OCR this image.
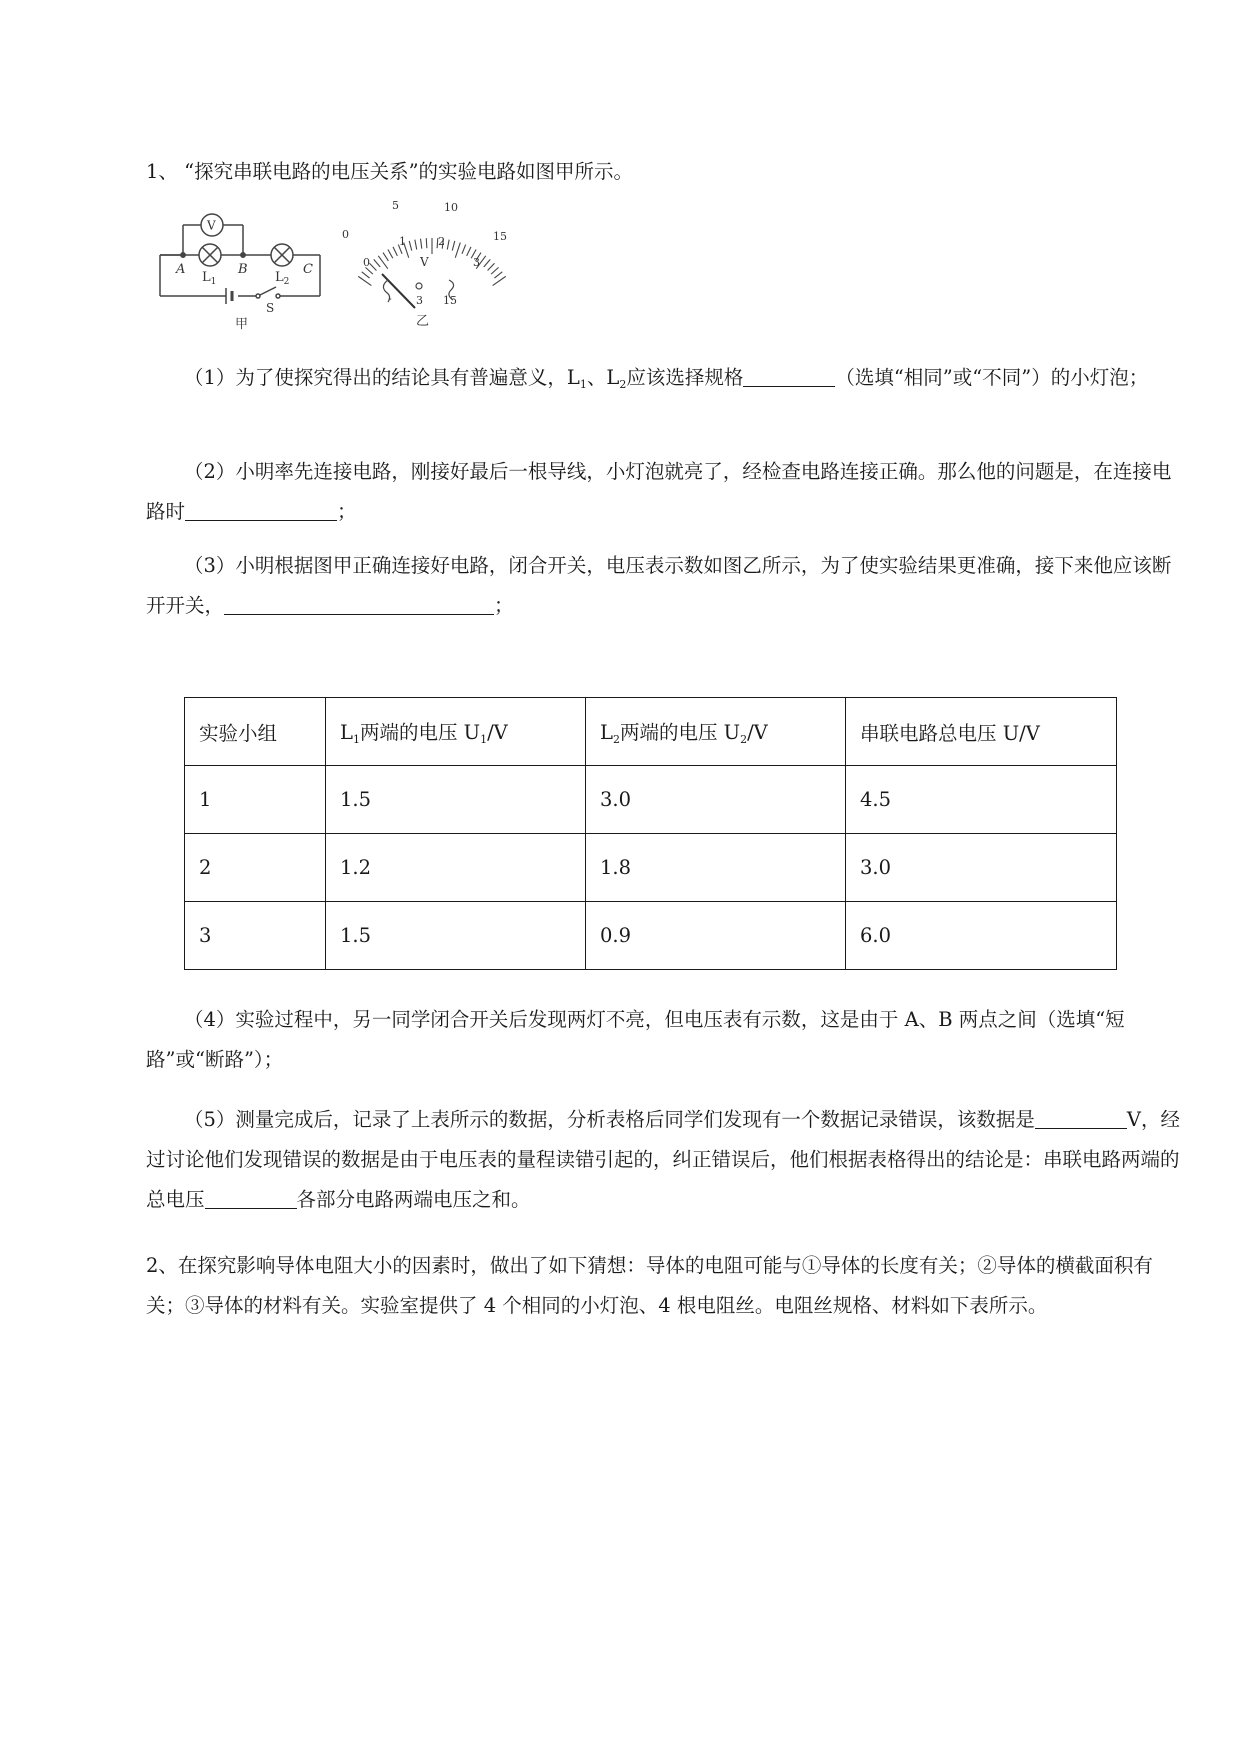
1、 “探究串联电路的电压关系”的实验电路如图甲所示。
V
A	B	C
$L_1$	$L_2$
S
甲
0
5	10
15
0
1	2
3
V
- 3 15
乙
（1）为了使探究得出的结论具有普遍意义，$L_1$、$L_2$应该选择规格	（选填“相同”或“不同”）的小灯泡；
（2）小明率先连接电路，刚接好最后一根导线，小灯泡就亮了，经检查电路连接正确。那么他的问题是，在连接电路时	；
（3）小明根据图甲正确连接好电路，闭合开关，电压表示数如图乙所示，为了使实验结果更准确，接下来他应该断开开关，	；
实验小组	$L_1$两端的电压 $U_1/V$	$L_2$两端的电压 $U_2/V$	串联电路总电压 U/V
1	1.5	3.0	4.5
2	1.2	1.8	3.0
3	1.5	0.9	6.0
（4）实验过程中，另一同学闭合开关后发现两灯不亮，但电压表有示数，这是由于 A、B 两点之间（选填“短路”或“断路”）；
（5）测量完成后，记录了上表所示的数据，分析表格后同学们发现有一个数据记录错误，该数据是	V，经过讨论他们发现错误的数据是由于电压表的量程读错引起的，纠正错误后，他们根据表格得出的结论是：串联电路两端的总电压	各部分电路两端电压之和。
2、在探究影响导体电阻大小的因素时，做出了如下猜想：导体的电阻可能与①导体的长度有关；②导体的横截面积有关；③导体的材料有关。实验室提供了 4 个相同的小灯泡、4 根电阻丝。电阻丝规格、材料如下表所示。
